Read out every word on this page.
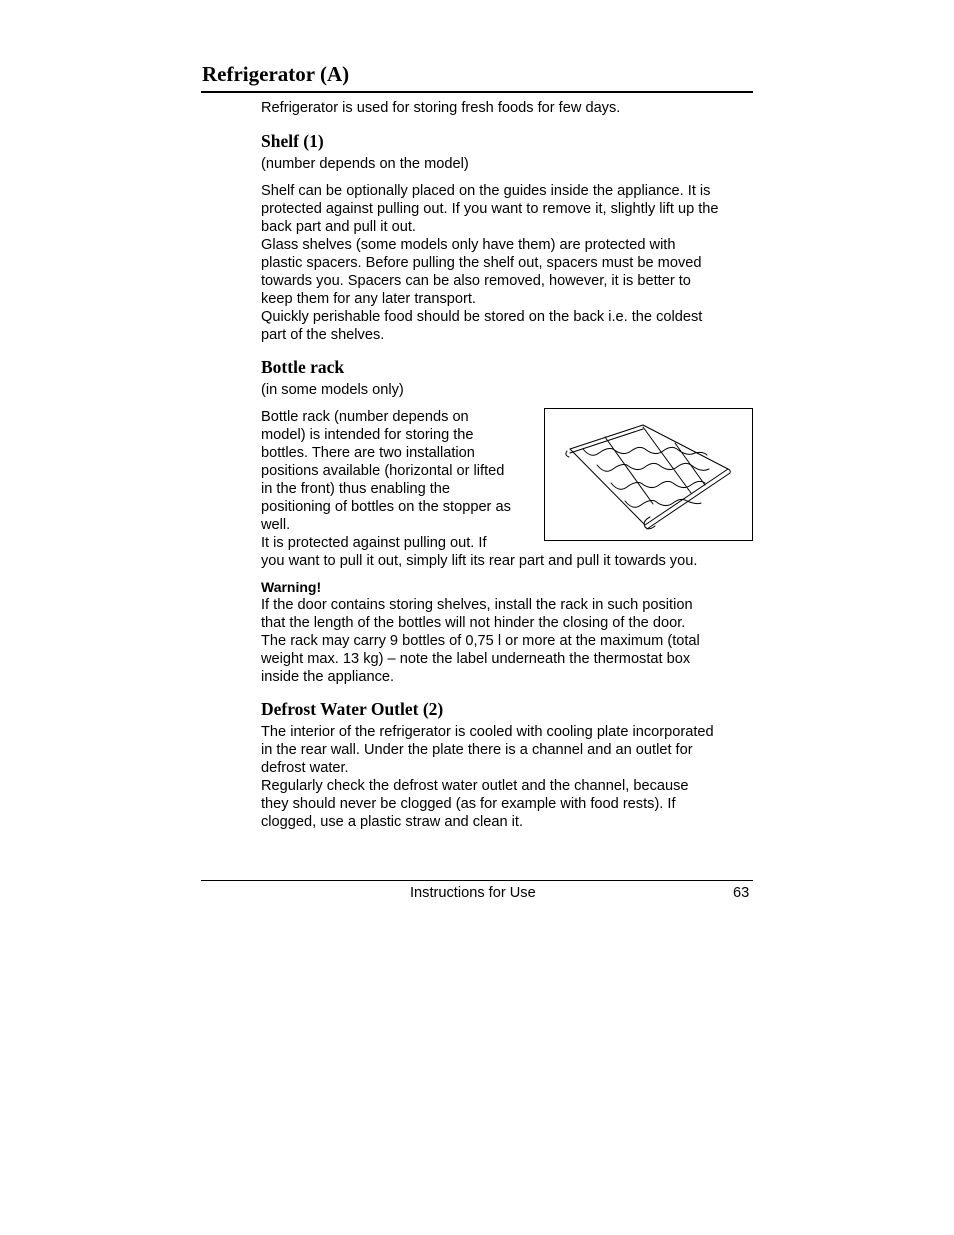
Refrigerator (A)

Refrigerator is used for storing fresh foods for few days.

Shelf (1)

(number depends on the model)

Shelf can be optionally placed on the guides inside the appliance. It is
protected against pulling out. If you want to remove it, slightly lift up the
back part and pull it out.
Glass shelves (some models only have them) are protected with
plastic spacers. Before pulling the shelf out, spacers must be moved
towards you. Spacers can be also removed, however, it is better to
keep them for any later transport.
Quickly perishable food should be stored on the back i.e. the coldest
part of the shelves.
Bottle rack

(in some models only)

Bottle rack (number depends on
model) is intended for storing the
bottles. There are two installation
positions available (horizontal or lifted
in the front) thus enabling the
positioning of bottles on the stopper as
well.
It is protected against pulling out. If
you want to pull it out, simply lift its rear part and pull it towards you.
Warning!
If the door contains storing shelves, install the rack in such position
that the length of the bottles will not hinder the closing of the door.
The rack may carry 9 bottles of 0,75 l or more at the maximum (total
weight max. 13 kg) – note the label underneath the thermostat box
inside the appliance.
Defrost Water Outlet (2)
The interior of the refrigerator is cooled with cooling plate incorporated
in the rear wall. Under the plate there is a channel and an outlet for
defrost water.
Regularly check the defrost water outlet and the channel, because
they should never be clogged (as for example with food rests). If
clogged, use a plastic straw and clean it.
Instructions for Use	63
